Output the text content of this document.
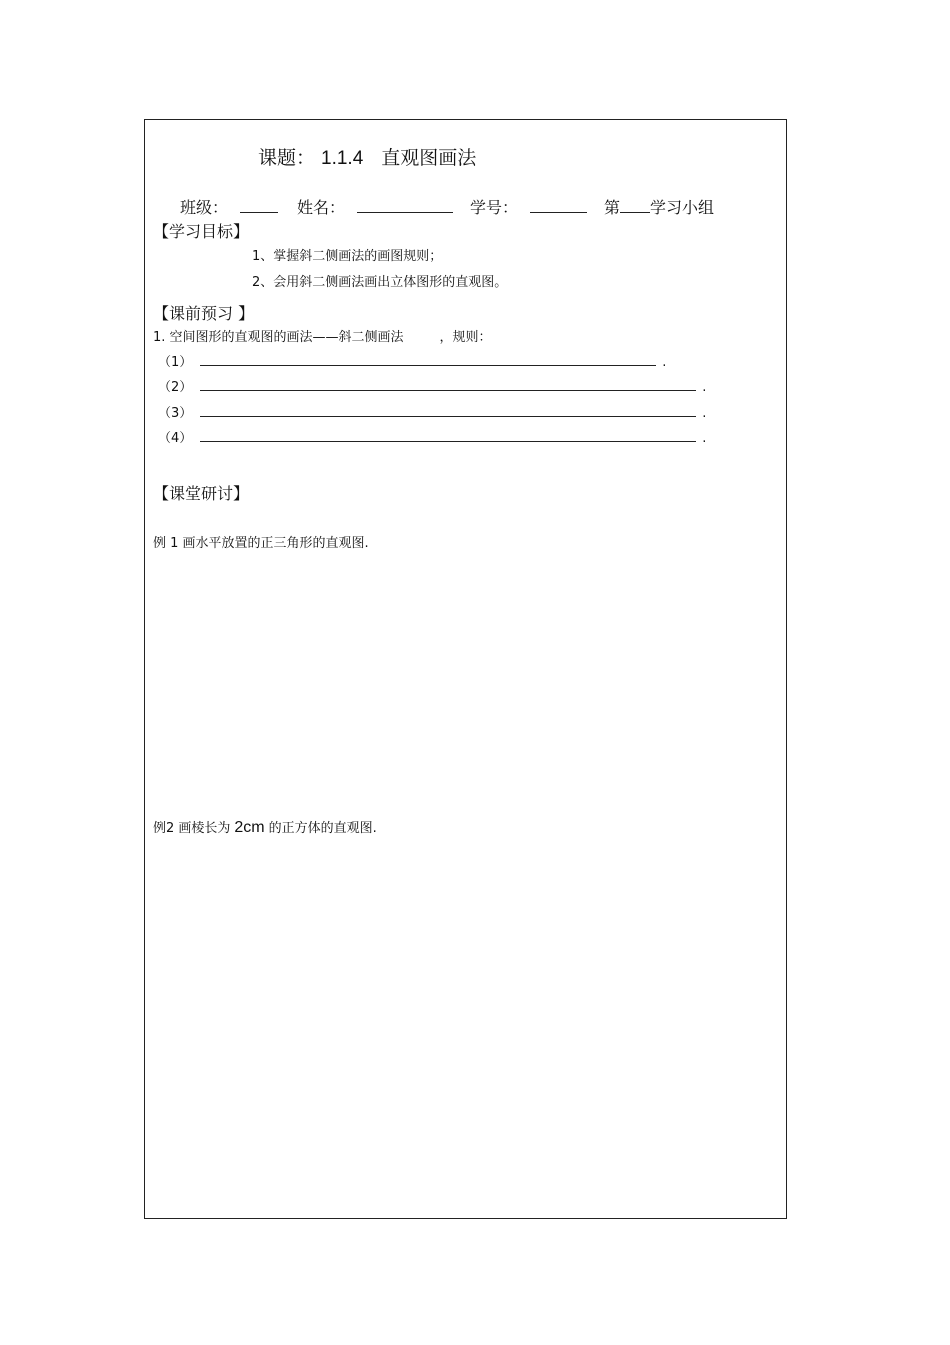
课题： 1.1.4 直观图画法
班级：	姓名：	学号：	第 学习小组
【学习目标】
1、掌握斜二侧画法的画图规则；
2、会用斜二侧画法画出立体图形的直观图。
【课前预习 】
1. 空间图形的直观图的画法——斜二侧画法	，规则：
（1）	.
（2）	.
（3）	.
（4）	.
【课堂研讨】
例 1 画水平放置的正三角形的直观图.
例2 画棱长为 2cm 的正方体的直观图.
